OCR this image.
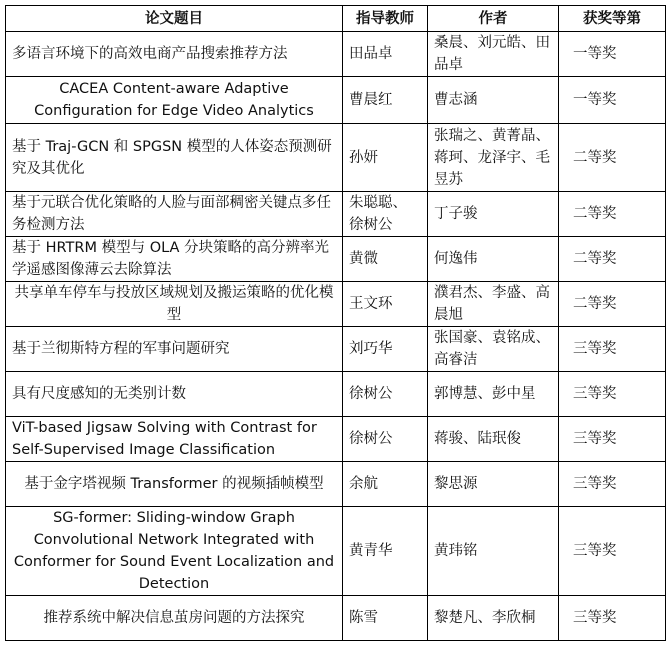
论文题目	指导教师	作者	获奖等第
多语言环境下的高效电商产品搜索推荐方法	田品卓	桑晨、刘元皓、田品卓	一等奖
CACEA Content-aware Adaptive Configuration for Edge Video Analytics	曹晨红	曹志涵	一等奖
基于 Traj-GCN 和 SPGSN 模型的人体姿态预测研究及其优化	孙妍	张瑞之、黄菁晶、蒋珂、龙泽宇、毛昱苏	二等奖
基于元联合优化策略的人脸与面部稠密关键点多任务检测方法	朱聪聪、徐树公	丁子骏	二等奖
基于 HRTRM 模型与 OLA 分块策略的高分辨率光学遥感图像薄云去除算法	黄微	何逸伟	二等奖
共享单车停车与投放区域规划及搬运策略的优化模型	王文环	濮君杰、李盛、高晨旭	二等奖
基于兰彻斯特方程的军事问题研究	刘巧华	张国豪、袁铭成、高睿洁	三等奖
具有尺度感知的无类别计数	徐树公	郭博慧、彭中星	三等奖
ViT-based Jigsaw Solving with Contrast for Self-Supervised Image Classification	徐树公	蒋骏、陆珉俊	三等奖
基于金字塔视频 Transformer 的视频插帧模型	余航	黎思源	三等奖
SG-former: Sliding-window Graph Convolutional Network Integrated with Conformer for Sound Event Localization and Detection	黄青华	黄玮铭	三等奖
推荐系统中解决信息茧房问题的方法探究	陈雪	黎楚凡、李欣桐	三等奖
